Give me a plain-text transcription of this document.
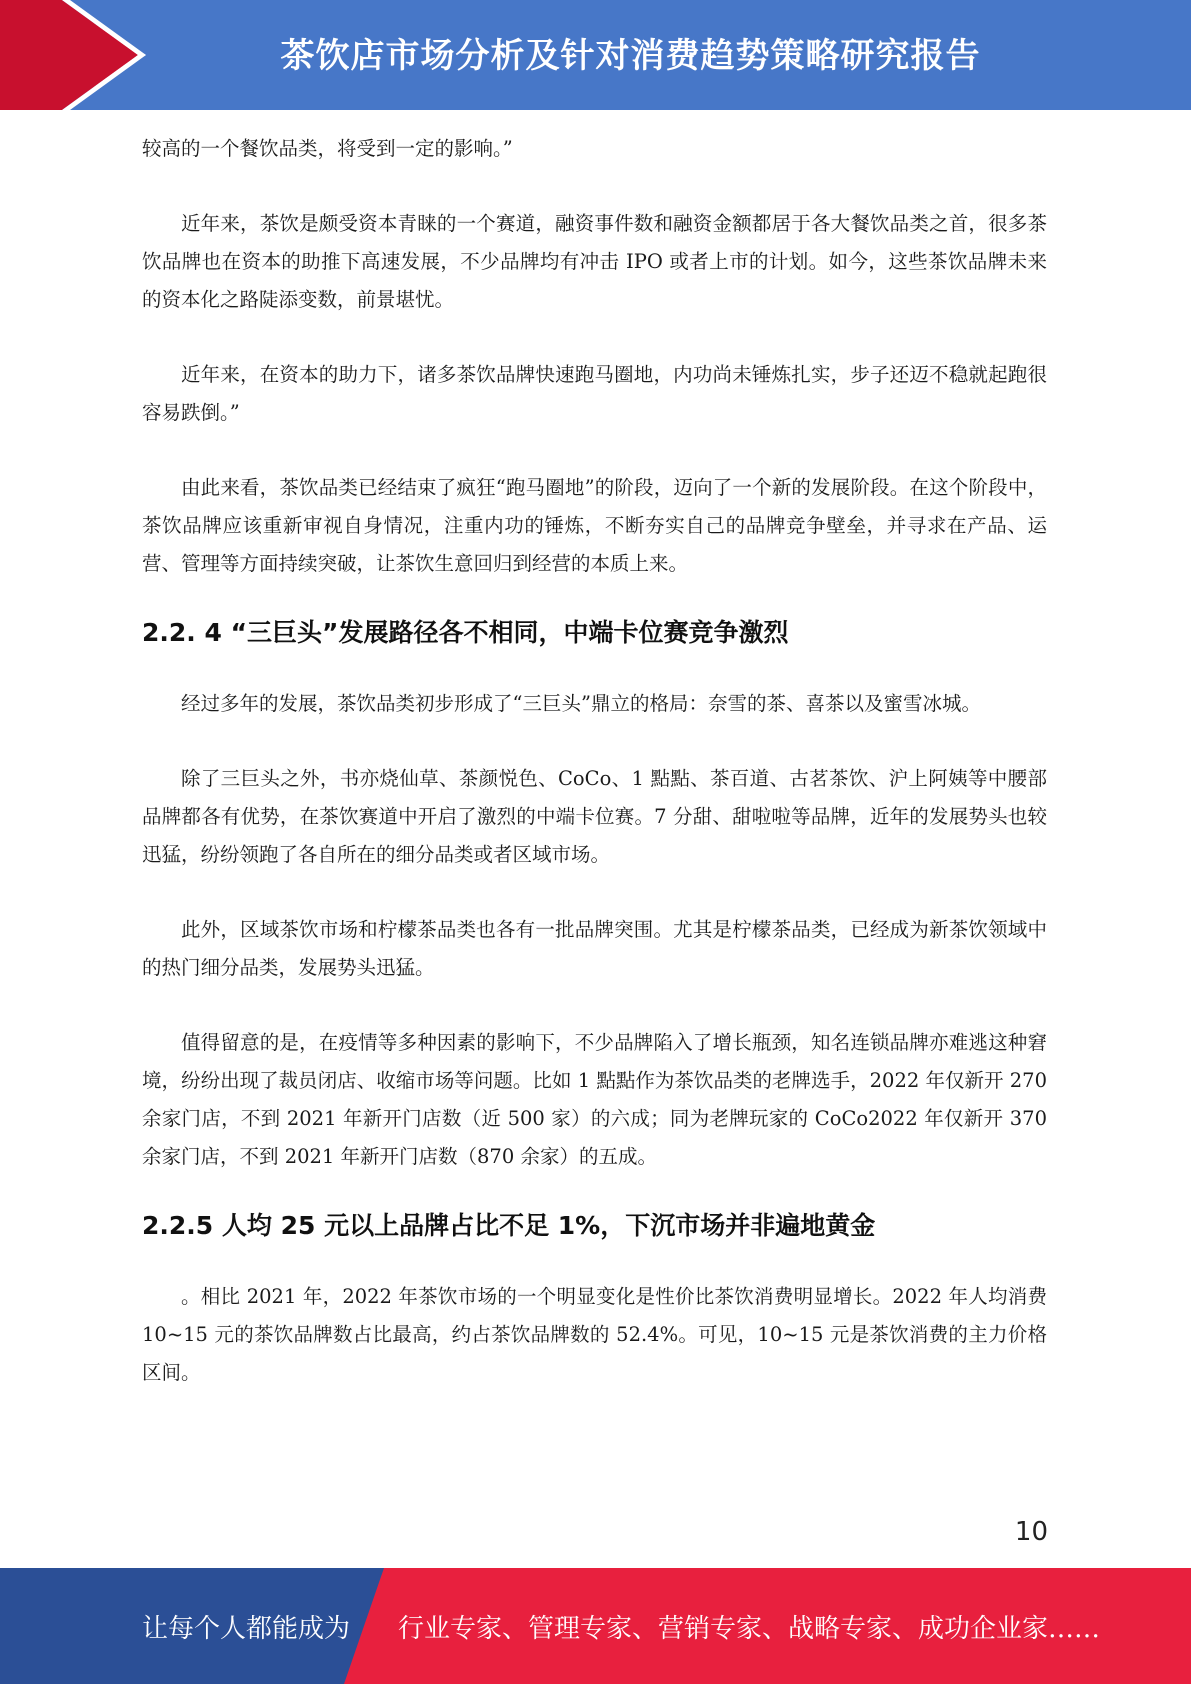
茶饮店市场分析及针对消费趋势策略研究报告

较高的一个餐饮品类，将受到一定的影响。”

近年来，茶饮是颇受资本青睐的一个赛道，融资事件数和融资金额都居于各大餐饮品类之首，很多茶饮品牌也在资本的助推下高速发展，不少品牌均有冲击 IPO 或者上市的计划。如今，这些茶饮品牌未来的资本化之路陡添变数，前景堪忧。

近年来，在资本的助力下，诸多茶饮品牌快速跑马圈地，内功尚未锤炼扎实，步子还迈不稳就起跑很容易跌倒。”

由此来看，茶饮品类已经结束了疯狂“跑马圈地”的阶段，迈向了一个新的发展阶段。在这个阶段中，茶饮品牌应该重新审视自身情况，注重内功的锤炼，不断夯实自己的品牌竞争壁垒，并寻求在产品、运营、管理等方面持续突破，让茶饮生意回归到经营的本质上来。

2.2. 4 “三巨头”发展路径各不相同，中端卡位赛竞争激烈

经过多年的发展，茶饮品类初步形成了“三巨头”鼎立的格局：奈雪的茶、喜茶以及蜜雪冰城。

除了三巨头之外，书亦烧仙草、茶颜悦色、CoCo、1 點點、茶百道、古茗茶饮、沪上阿姨等中腰部品牌都各有优势，在茶饮赛道中开启了激烈的中端卡位赛。7 分甜、甜啦啦等品牌，近年的发展势头也较迅猛，纷纷领跑了各自所在的细分品类或者区域市场。

此外，区域茶饮市场和柠檬茶品类也各有一批品牌突围。尤其是柠檬茶品类，已经成为新茶饮领域中的热门细分品类，发展势头迅猛。

值得留意的是，在疫情等多种因素的影响下，不少品牌陷入了增长瓶颈，知名连锁品牌亦难逃这种窘境，纷纷出现了裁员闭店、收缩市场等问题。比如 1 點點作为茶饮品类的老牌选手，2022 年仅新开 270 余家门店，不到 2021 年新开门店数（近 500 家）的六成；同为老牌玩家的 CoCo2022 年仅新开 370 余家门店，不到 2021 年新开门店数（870 余家）的五成。

2.2.5 人均 25 元以上品牌占比不足 1%，下沉市场并非遍地黄金

。相比 2021 年，2022 年茶饮市场的一个明显变化是性价比茶饮消费明显增长。2022 年人均消费 10~15 元的茶饮品牌数占比最高，约占茶饮品牌数的 52.4%。可见，10~15 元是茶饮消费的主力价格区间。

10
让每个人都能成为 行业专家、管理专家、营销专家、战略专家、成功企业家……
